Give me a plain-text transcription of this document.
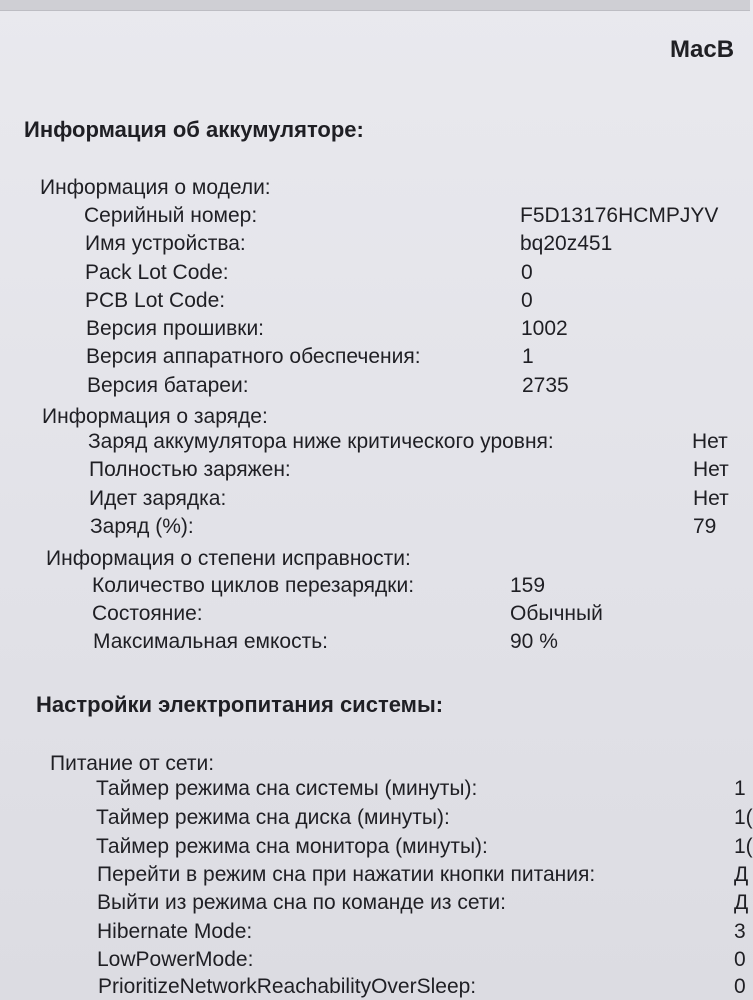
MacB
Информация об аккумуляторе:
Информация о модели:
Серийный номер:	F5D13176HCMPJYV
Имя устройства:	bq20z451
Pack Lot Code:	0
PCB Lot Code:	0
Версия прошивки:	1002
Версия аппаратного обеспечения:	1
Версия батареи:	2735
Информация о заряде:
Заряд аккумулятора ниже критического уровня:	Нет
Полностью заряжен:	Нет
Идет зарядка:	Нет
Заряд (%):	79
Информация о степени исправности:
Количество циклов перезарядки:	159
Состояние:	Обычный
Максимальная емкость:	90 %
Настройки электропитания системы:
Питание от сети:
Таймер режима сна системы (минуты):	1
Таймер режима сна диска (минуты):	1(
Таймер режима сна монитора (минуты):	1(
Перейти в режим сна при нажатии кнопки питания:	Д
Выйти из режима сна по команде из сети:	Д
Hibernate Mode:	3
LowPowerMode:	0
PrioritizeNetworkReachabilityOverSleep:	0
